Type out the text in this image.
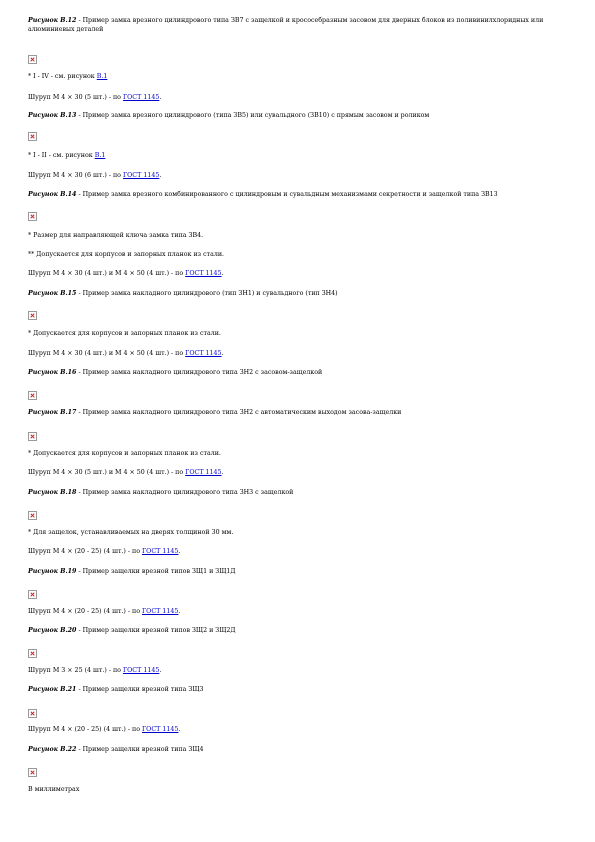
Рисунок В.12 - Пример замка врезного цилиндрового типа ЗВ7 с защелкой и крососебразным засовом для дверных блоков из поливинилхлоридных или алюминиевых деталей
* I - IV - см. рисунок В.1
Шуруп М 4 × 30 (5 шт.) - по ГОСТ 1145.
Рисунок В.13 - Пример замка врезного цилиндрового (типа ЗВ5) или сувальдного (ЗВ10) с прямым засовом и роликом
* I - II - см. рисунок В.1
Шуруп М 4 × 30 (6 шт.) - по ГОСТ 1145.
Рисунок В.14 - Пример замка врезного комбинированного с цилиндровым и сувальдным механизмами секретности и защелкой типа ЗВ13
* Размер для направляющей ключа замка типа ЗВ4.
** Допускается для корпусов и запорных планок из стали.
Шуруп М 4 × 30 (4 шт.) и М 4 × 50 (4 шт.) - по ГОСТ 1145.
Рисунок В.15 - Пример замка накладного цилиндрового (тип ЗН1) и сувальдного (тип ЗН4)
* Допускается для корпусов и запорных планок из стали.
Шуруп М 4 × 30 (4 шт.) и М 4 × 50 (4 шт.) - по ГОСТ 1145.
Рисунок В.16 - Пример замка накладного цилиндрового типа ЗН2 с засовом-защелкой
Рисунок В.17 - Пример замка накладного цилиндрового типа ЗН2 с автоматическим выходом засова-защелки
* Допускается для корпусов и запорных планок из стали.
Шуруп М 4 × 30 (5 шт.) и М 4 × 50 (4 шт.) - по ГОСТ 1145.
Рисунок В.18 - Пример замка накладного цилиндрового типа ЗН3 с защелкой
* Для защелок, устанавливаемых на дверях толщиной 30 мм.
Шуруп М 4 × (20 - 25) (4 шт.) - по ГОСТ 1145.
Рисунок В.19 - Пример защелки врезной типов ЗЩ1 и ЗЩ1Д
Шуруп М 4 × (20 - 25) (4 шт.) - по ГОСТ 1145.
Рисунок В.20 - Пример защелки врезной типов ЗЩ2 и ЗЩ2Д
Шуруп М 3 × 25 (4 шт.) - по ГОСТ 1145.
Рисунок В.21 - Пример защелки врезной типа ЗЩ3
Шуруп М 4 × (20 - 25) (4 шт.) - по ГОСТ 1145.
Рисунок В.22 - Пример защелки врезной типа ЗЩ4
В миллиметрах
